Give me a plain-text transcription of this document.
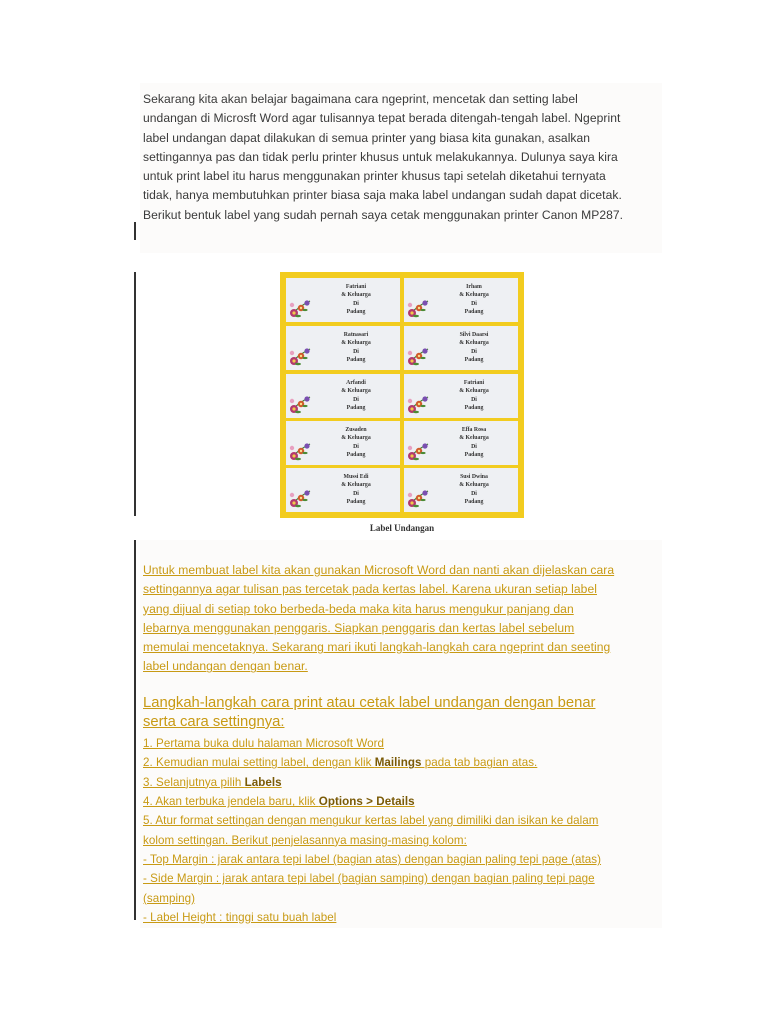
Sekarang kita akan belajar bagaimana cara ngeprint, mencetak dan setting label
undangan di Microsft Word agar tulisannya tepat berada ditengah-tengah label. Ngeprint
label undangan dapat dilakukan di semua printer yang biasa kita gunakan, asalkan
settingannya pas dan tidak perlu printer khusus untuk melakukannya. Dulunya saya kira
untuk print label itu harus menggunakan printer khusus tapi setelah diketahui ternyata
tidak, hanya membutuhkan printer biasa saja maka label undangan sudah dapat dicetak.
Berikut bentuk label yang sudah pernah saya cetak menggunakan printer Canon MP287.
Fatriani
& Keluarga
Di
Padang
Irham
& Keluarga
Di
Padang
Ratnasari
& Keluarga
Di
Padang
Silvi Daarsi
& Keluarga
Di
Padang
Arfandi
& Keluarga
Di
Padang
Fatriani
& Keluarga
Di
Padang
Zusaden
& Keluarga
Di
Padang
Effa Rosa
& Keluarga
Di
Padang
Mussi Edi
& Keluarga
Di
Padang
Susi Dwina
& Keluarga
Di
Padang
Label Undangan
Untuk membuat label kita akan gunakan Microsoft Word dan nanti akan dijelaskan cara
settingannya agar tulisan pas tercetak pada kertas label. Karena ukuran setiap label
yang dijual di setiap toko berbeda-beda maka kita harus mengukur panjang dan
lebarnya menggunakan penggaris. Siapkan penggaris dan kertas label sebelum
memulai mencetaknya. Sekarang mari ikuti langkah-langkah cara ngeprint dan seeting
label undangan dengan benar.
Langkah-langkah cara print atau cetak label undangan dengan benar
serta cara settingnya:
1. Pertama buka dulu halaman Microsoft Word
2. Kemudian mulai setting label, dengan klik Mailings pada tab bagian atas.
3. Selanjutnya pilih Labels
4. Akan terbuka jendela baru, klik Options > Details
5. Atur format settingan dengan mengukur kertas label yang dimiliki dan isikan ke dalam
kolom settingan. Berikut penjelasannya masing-masing kolom:
- Top Margin : jarak antara tepi label (bagian atas) dengan bagian paling tepi page (atas)
- Side Margin : jarak antara tepi label (bagian samping) dengan bagian paling tepi page
(samping)
- Label Height : tinggi satu buah label
